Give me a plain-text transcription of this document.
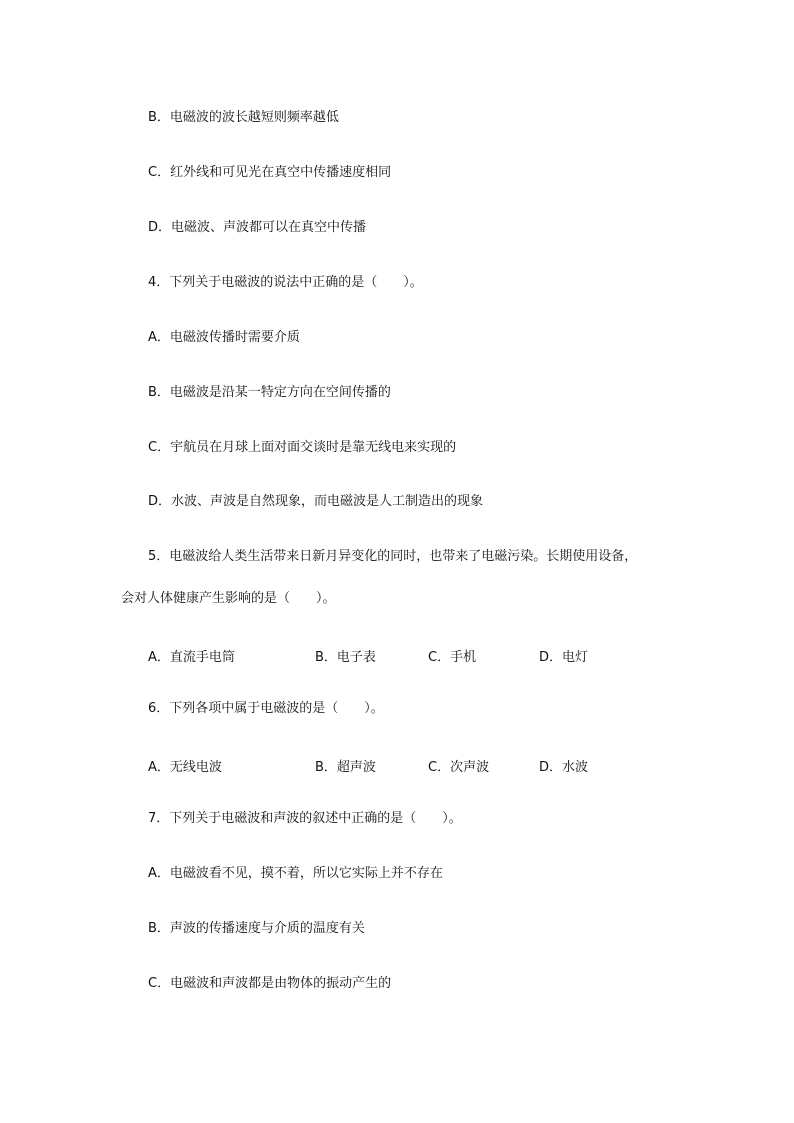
B．电磁波的波长越短则频率越低
C．红外线和可见光在真空中传播速度相同
D．电磁波、声波都可以在真空中传播
4．下列关于电磁波的说法中正确的是（　　）。
A．电磁波传播时需要介质
B．电磁波是沿某一特定方向在空间传播的
C．宇航员在月球上面对面交谈时是靠无线电来实现的
D．水波、声波是自然现象，而电磁波是人工制造出的现象
5．电磁波给人类生活带来日新月异变化的同时，也带来了电磁污染。长期使用设备，
会对人体健康产生影响的是（　　）。
A．直流手电筒	B．电子表	C．手机	D．电灯
6．下列各项中属于电磁波的是（　　）。
A．无线电波	B．超声波	C．次声波	D．水波
7．下列关于电磁波和声波的叙述中正确的是（　　）。
A．电磁波看不见，摸不着，所以它实际上并不存在
B．声波的传播速度与介质的温度有关
C．电磁波和声波都是由物体的振动产生的
